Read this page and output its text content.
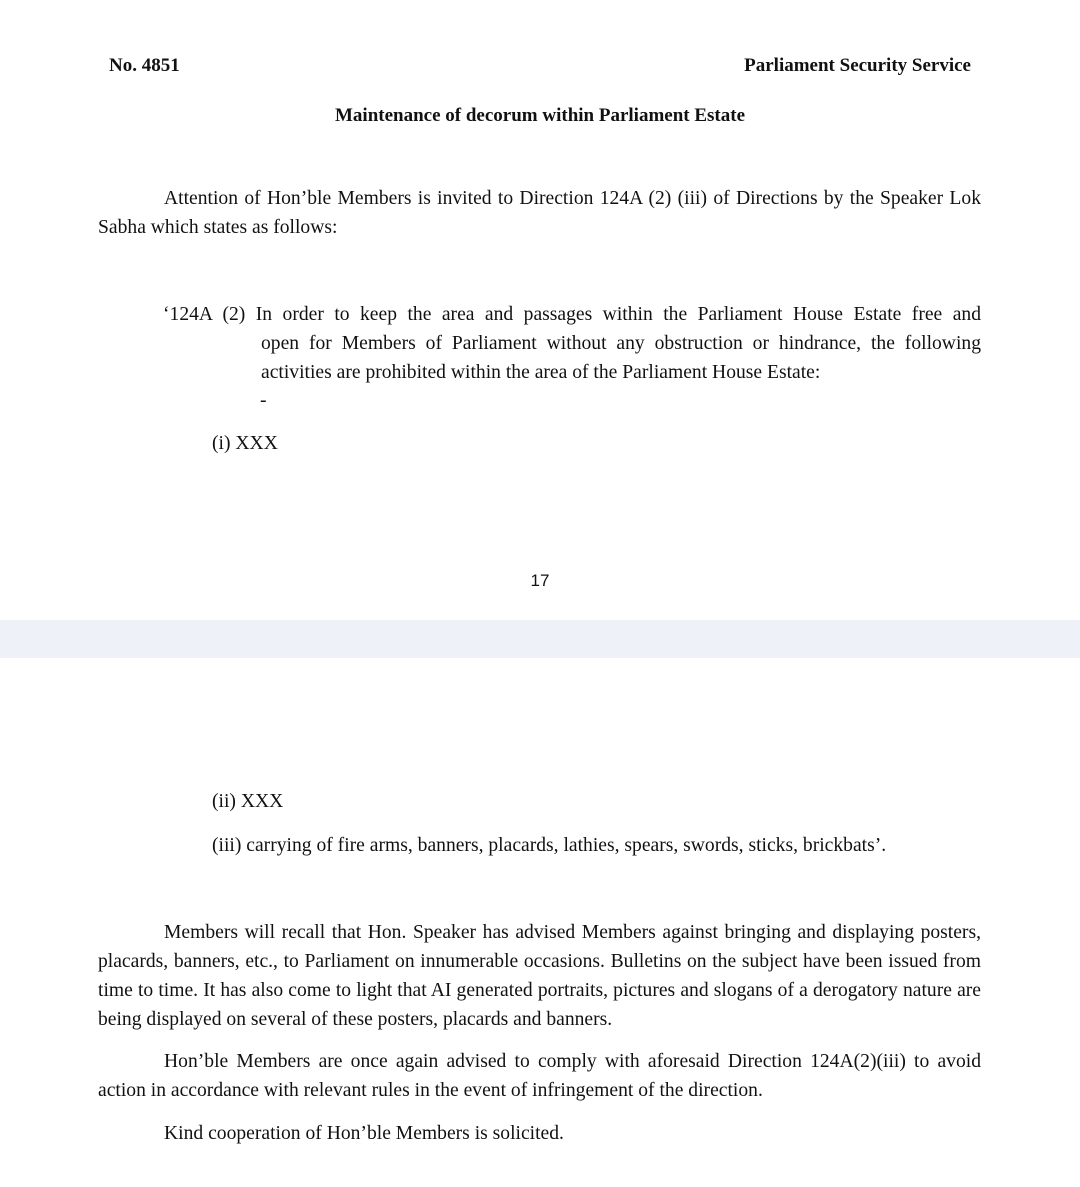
No. 4851	Parliament Security Service
Maintenance of decorum within Parliament Estate
Attention of Hon’ble Members is invited to Direction 124A (2) (iii) of Directions by the Speaker Lok Sabha which states as follows:
‘124A (2) In order to keep the area and passages within the Parliament House Estate free and
open for Members of Parliament without any obstruction or hindrance, the following activities are prohibited within the area of the Parliament House Estate:
-
(i) XXX
17
(ii) XXX
(iii) carrying of fire arms, banners, placards, lathies, spears, swords, sticks, brickbats’.
Members will recall that Hon. Speaker has advised Members against bringing and displaying posters, placards, banners, etc., to Parliament on innumerable occasions. Bulletins on the subject have been issued from time to time. It has also come to light that AI generated portraits, pictures and slogans of a derogatory nature are being displayed on several of these posters, placards and banners.
Hon’ble Members are once again advised to comply with aforesaid Direction 124A(2)(iii) to avoid action in accordance with relevant rules in the event of infringement of the direction.
Kind cooperation of Hon’ble Members is solicited.
